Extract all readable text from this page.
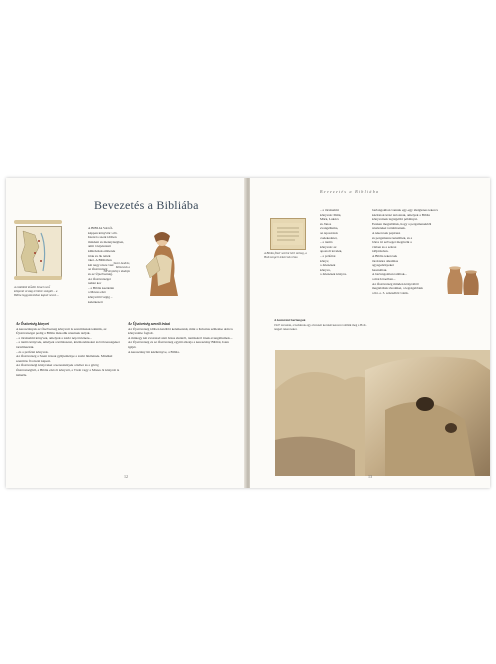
Bevezetés a Bibliába
A zsidóktól kiűzött Israel nevű központi ország területe szolgált – a Biblia leggyakrabban kapott nevek ...

A BIBLIA VALÓ-

képpen könyvtár: elő.

Istent is szent időben

mindent és mennyiségben,

amit ő kijelentett

kihirdettek emberek

írtak és ők tették

őket. A Bibliában

két nagy része van:

az Ószövetség

és az Újszövetség.

Az Ószövetséget

nehéz kor

– a Biblia kezdetén

a Mózes első

könyvétől végig –

keletkezett

Szent András, Mózesnek a Törvénykönyv átadója

Az Ószövetség könyvei

A keresztények az Ószövetség könyveit is szentírásnak tekintik, az Újszövetséget pedig a Biblia második részének tartják.

– a történelmi könyvek, amelyek a zsidó nép története...

– a tanító könyvek, amelyek a költészetet, közmondásokat és bölcsességeket tartalmazzák.

– és a prófétai könyvek.

Az Ószövetség a Szent írások gyűjteménye a zsidó hitéletnek. Mindkét szentírás fő részét képezi.

Az Ószövetségi könyveket a keresztények a héber és a görög Ószövetségből, a Biblia első öt könyvét, a Tórát vagy a Mózes öt könyvét is ismerik.

Az Újszövetség szerzői írásai

Az Újszövetség időben későbbi keletkezésű, mint a Krisztus születése után is könyvekbe foglalt.

A mintegy két évszázad alatt Jézus életéről, tanításáról írnak evangéliumok...

Az Újszövetség és az Ószövetség együtt alkotja a keresztény Bibliát, Isten igéjét.

A keresztény hit kézikönyve, a Biblia.

12
Bevezetés a Bibliába
A Biblia füzér szerint leírt szöveg, a Holt-tengeri tekercsek része.

– a történelmi

könyvek: Máté,

Márk, Lukács

és János

evangéliuma,

az Apostolok

cselekedetei,

– a tanító

könyvek: az

apostoli levelek,

– a prófétai

könyv,

a Jelenések

könyve,

a Jelenések könyve.

barlangokban vannak egy-egy ideiglenes tekercs

kéziratok közé tartoznak, amelyek a Biblia

könyveinek legrégebbi példányai.

Ezeken megtaláltuk, hogy a pergamenekből

részleteket tartalmaznak.

A tekercsek papirusz

és pergamenre készültek, és a

bőrre írt szöveget megőrzik a

vízben és a száraz

időjárásban.

A Biblia tekercsek

tárolására alkalmas

agyagedényeket

használtak.

A barlangokban találtak...

a mai Izraelben...

Az Ószövetség minden könyvéből

megtaláltak töredéket, a legrégebbiek

a Kr. e. 3. századból valók.

A kumráni barlangok
1947 tavaszán, a beduinok egy elveszett kecskét keresve találták meg a Holt-tengeri tekercseket.
13
